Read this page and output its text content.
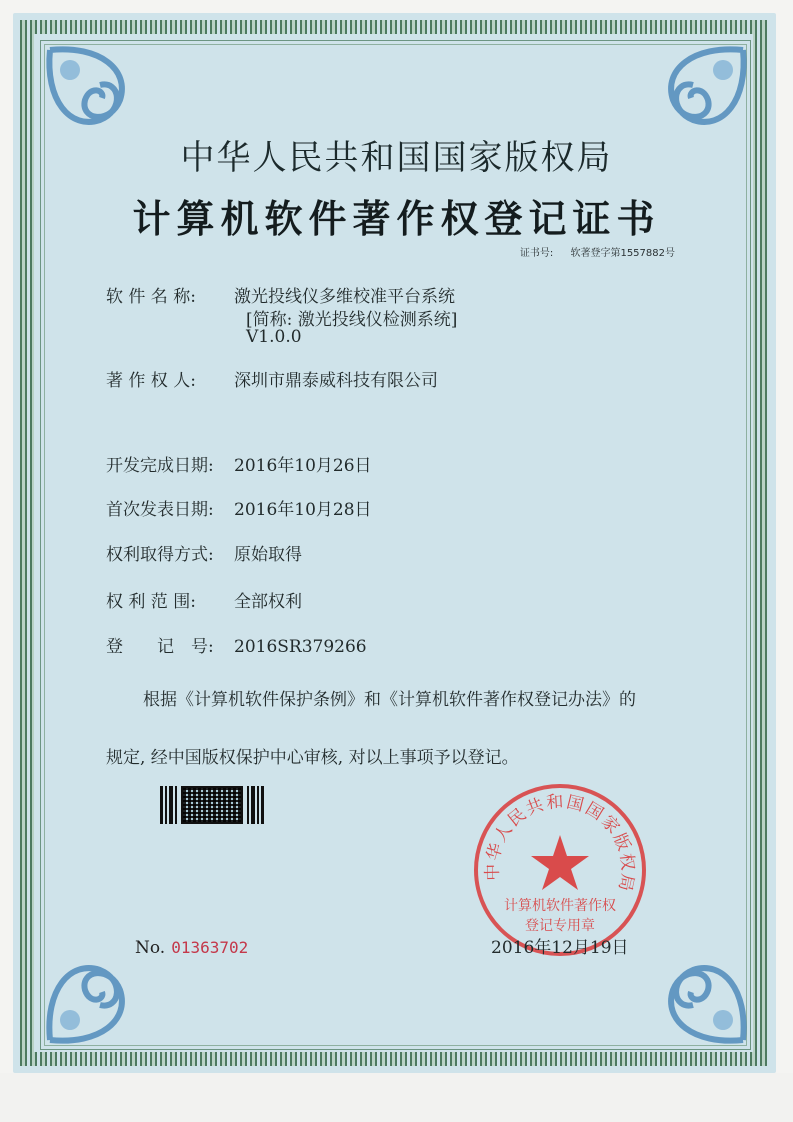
中华人民共和国国家版权局
计算机软件著作权登记证书
证书号: 软著登字第1557882号
软 件 名 称: 激光投线仪多维校准平台系统
[简称: 激光投线仪检测系统]
V1.0.0
著 作 权 人: 深圳市鼎泰威科技有限公司
开发完成日期: 2016年10月26日
首次发表日期: 2016年10月28日
权利取得方式: 原始取得
权 利 范 围: 全部权利
登　　记　号: 2016SR379266

根据《计算机软件保护条例》和《计算机软件著作权登记办法》的

规定, 经中国版权保护中心审核, 对以上事项予以登记。

No. 01363702
中华人民共和国国家版权局
计算机软件著作权
登记专用章
2016年12月19日
